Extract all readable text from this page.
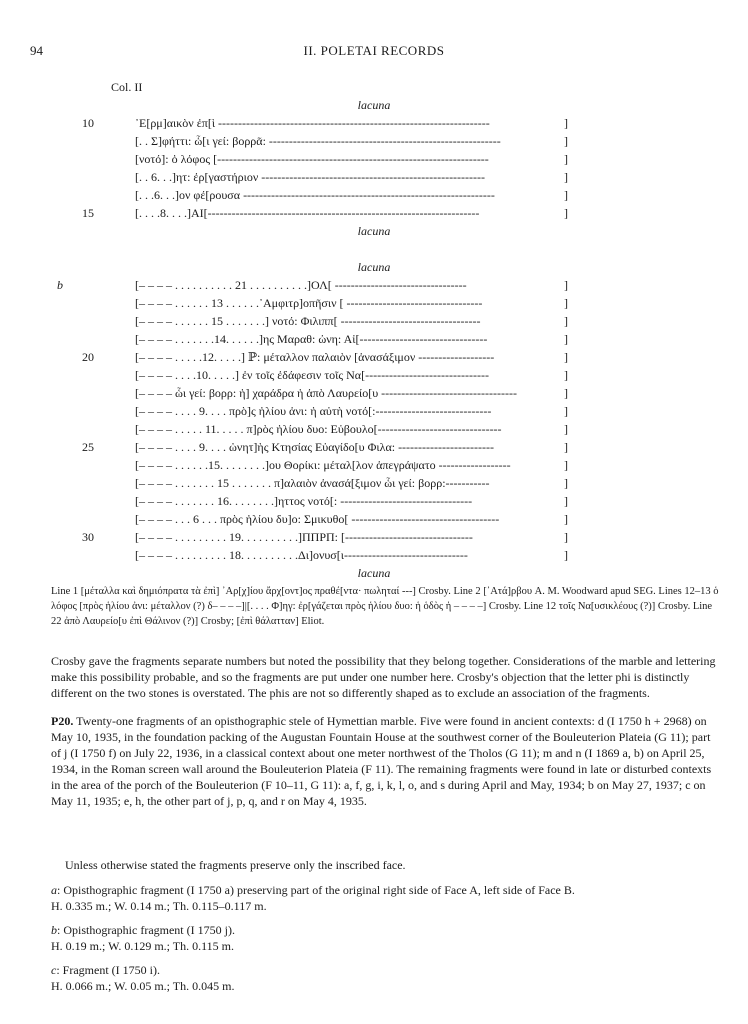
94	II. POLETAI RECORDS
Col. II
lacuna
10	᾿Ε[ρμ]αικὸν ἐπ[ὶ --------------------------------------------------------------------	]
[. . Σ]φήττι: ὧ[ι γεί: βορρᾶ: ----------------------------------------------------------	]
[νοτό]: ὁ λόφος [--------------------------------------------------------------------	]
[. . 6. . .]ητ: ἐρ[γαστήριον --------------------------------------------------------	]
[. . .6. . .]ον φέ[ρουσα ---------------------------------------------------------------	]
15	[. . . .8. . . .]ΑΙ[--------------------------------------------------------------------	]
lacuna
lacuna
b	[– – – – . . . . . . . . . . 21 . . . . . . . . . .]ΟΛ[ ---------------------------------	]
[– – – – . . . . . . 13 . . . . . .᾿Αμφιτρ]οπῆσιν [ ----------------------------------	]
[– – – – . . . . . . 15 . . . . . . .] νοτό: Φιλιππ[ -----------------------------------	]
[– – – – . . . . . . .14. . . . . .]ης Μαραθ: ὠνη: Αἰ[--------------------------------	]
20	[– – – – . . . . .12. . . . .] ℙ: μέταλλον παλαιὸν [ἀνασάξιμον -------------------	]
[– – – – . . . .10. . . . .] ἐν τοῖς ἐδάφεσιν τοῖς Να[-------------------------------	]
[– – – – ὧι γεί: βορρ: ἡ] χαράδρα ἡ ἀπὸ Λαυρείο[υ ----------------------------------	]
[– – – – . . . . 9. . . . πρὸ]ς ἡλίου ἀνι: ἡ αὐτὴ νοτό[:-----------------------------	]
[– – – – . . . . . 11. . . . . π]ρὸς ἡλίου δυο: Εὐβουλο[-------------------------------	]
25	[– – – – . . . . 9. . . . ὠνητ]ὴς Κτησίας Εὐαγίδο[υ Φιλα: ------------------------	]
[– – – – . . . . . .15. . . . . . . .]ου Θορίκι: μέταλ[λον ἀπεγράψατο ------------------	]
[– – – – . . . . . . . 15 . . . . . . . π]αλαιὸν ἀνασά[ξιμον ὧι γεί: βορρ:-----------	]
[– – – – . . . . . . . 16. . . . . . . .]ηττος νοτό[: ---------------------------------	]
[– – – – . . . 6 . . . πρὸς ἡλίου δυ]ο: Σμικυθο[ -------------------------------------	]
30	[– – – – . . . . . . . . . 19. . . . . . . . . .]ΠΠΡΠ: [--------------------------------	]
[– – – – . . . . . . . . . 18. . . . . . . . . .Δι]ονυσ[ι-------------------------------	]
lacuna
Line 1 [μέταλλα καὶ δημιόπρατα τὰ ἐπὶ] ᾿Αρ[χ]ίου ἄρχ[οντ]ος πραθέ[ντα· πωληταί ---] Crosby. Line 2 [᾿Ατά]ρβου A. M. Woodward apud SEG. Lines 12–13 ὁ λόφος [πρὸς ἡλίου ἀνι: μέταλλον (?) δ– – – –]|[. . . . Φ]ηγ: ἐρ[γάζεται πρὸς ἡλίου δυο: ἡ ὁδὸς ἡ – – – –] Crosby. Line 12 τοῖς Να[υσικλέους (?)] Crosby. Line 22 ἀπὸ Λαυρείο[υ ἐπὶ Θάλινον (?)] Crosby; [ἐπὶ θάλατταν] Eliot.

Crosby gave the fragments separate numbers but noted the possibility that they belong together. Considerations of the marble and lettering make this possibility probable, and so the fragments are put under one number here. Crosby's objection that the letter phi is distinctly different on the two stones is overstated. The phis are not so differently shaped as to exclude an association of the fragments.

P20. Twenty-one fragments of an opisthographic stele of Hymettian marble. Five were found in ancient contexts: d (I 1750 h + 2968) on May 10, 1935, in the foundation packing of the Augustan Fountain House at the southwest corner of the Bouleuterion Plateia (G 11); part of j (I 1750 f) on July 22, 1936, in a classical context about one meter northwest of the Tholos (G 11); m and n (I 1869 a, b) on April 25, 1934, in the Roman screen wall around the Bouleuterion Plateia (F 11). The remaining fragments were found in late or disturbed contexts in the area of the porch of the Bouleuterion (F 10–11, G 11): a, f, g, i, k, l, o, and s during April and May, 1934; b on May 27, 1937; c on May 11, 1935; e, h, the other part of j, p, q, and r on May 4, 1935.

Unless otherwise stated the fragments preserve only the inscribed face.

a: Opisthographic fragment (I 1750 a) preserving part of the original right side of Face A, left side of Face B.
H. 0.335 m.; W. 0.14 m.; Th. 0.115–0.117 m.
b: Opisthographic fragment (I 1750 j).
H. 0.19 m.; W. 0.129 m.; Th. 0.115 m.
c: Fragment (I 1750 i).
H. 0.066 m.; W. 0.05 m.; Th. 0.045 m.
